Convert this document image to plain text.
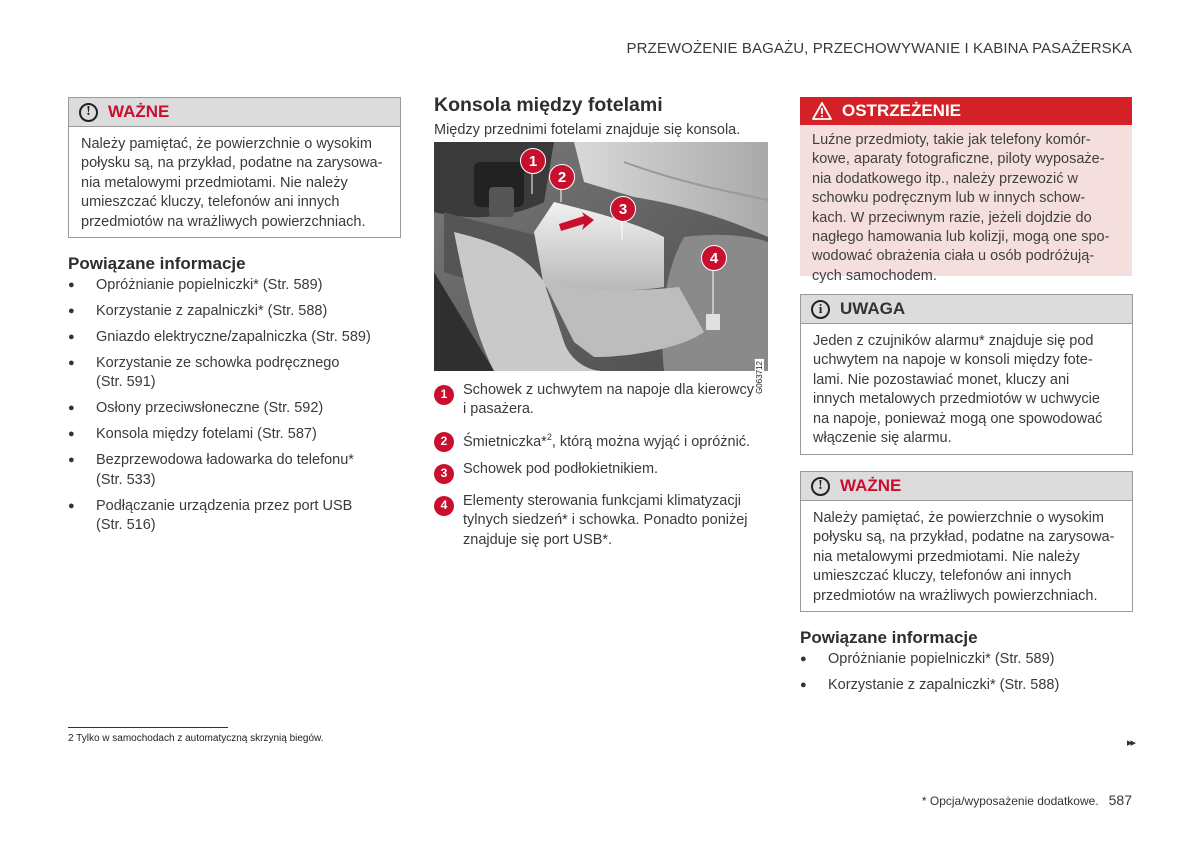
PRZEWOŻENIE BAGAŻU, PRZECHOWYWANIE I KABINA PASAŻERSKA
!	WAŻNE
Należy pamiętać, że powierzchnie o wysokim
połysku są, na przykład, podatne na zarysowa-
nia metalowymi przedmiotami. Nie należy
umieszczać kluczy, telefonów ani innych
przedmiotów na wrażliwych powierzchniach.
Powiązane informacje
● Opróżnianie popielniczki* (Str. 589)
● Korzystanie z zapalniczki* (Str. 588)
● Gniazdo elektryczne/zapalniczka (Str. 589)
● Korzystanie ze schowka podręcznego
(Str. 591)
● Osłony przeciwsłoneczne (Str. 592)
● Konsola między fotelami (Str. 587)
● Bezprzewodowa ładowarka do telefonu*
(Str. 533)
● Podłączanie urządzenia przez port USB
(Str. 516)
Konsola między fotelami
Między przednimi fotelami znajduje się konsola.
1
2
3
4
G063712
1	Schowek z uchwytem na napoje dla kierowcy
i pasażera.
2	Śmietniczka*$^2$, którą można wyjąć i opróżnić.
3	Schowek pod podłokietnikiem.
4	Elementy sterowania funkcjami klimatyzacji
tylnych siedzeń* i schowka. Ponadto poniżej
znajduje się port USB*.
OSTRZEŻENIE
Luźne przedmioty, takie jak telefony komór-
kowe, aparaty fotograficzne, piloty wyposaże-
nia dodatkowego itp., należy przewozić w
schowku podręcznym lub w innych schow-
kach. W przeciwnym razie, jeżeli dojdzie do
nagłego hamowania lub kolizji, mogą one spo-
wodować obrażenia ciała u osób podróżują-
cych samochodem.
i	UWAGA
Jeden z czujników alarmu* znajduje się pod
uchwytem na napoje w konsoli między fote-
lami. Nie pozostawiać monet, kluczy ani
innych metalowych przedmiotów w uchwycie
na napoje, ponieważ mogą one spowodować
włączenie się alarmu.
!	WAŻNE
Należy pamiętać, że powierzchnie o wysokim
połysku są, na przykład, podatne na zarysowa-
nia metalowymi przedmiotami. Nie należy
umieszczać kluczy, telefonów ani innych
przedmiotów na wrażliwych powierzchniach.
Powiązane informacje
● Opróżnianie popielniczki* (Str. 589)
● Korzystanie z zapalniczki* (Str. 588)
2 Tylko w samochodach z automatyczną skrzynią biegów.	▸▸
* Opcja/wyposażenie dodatkowe. 587
